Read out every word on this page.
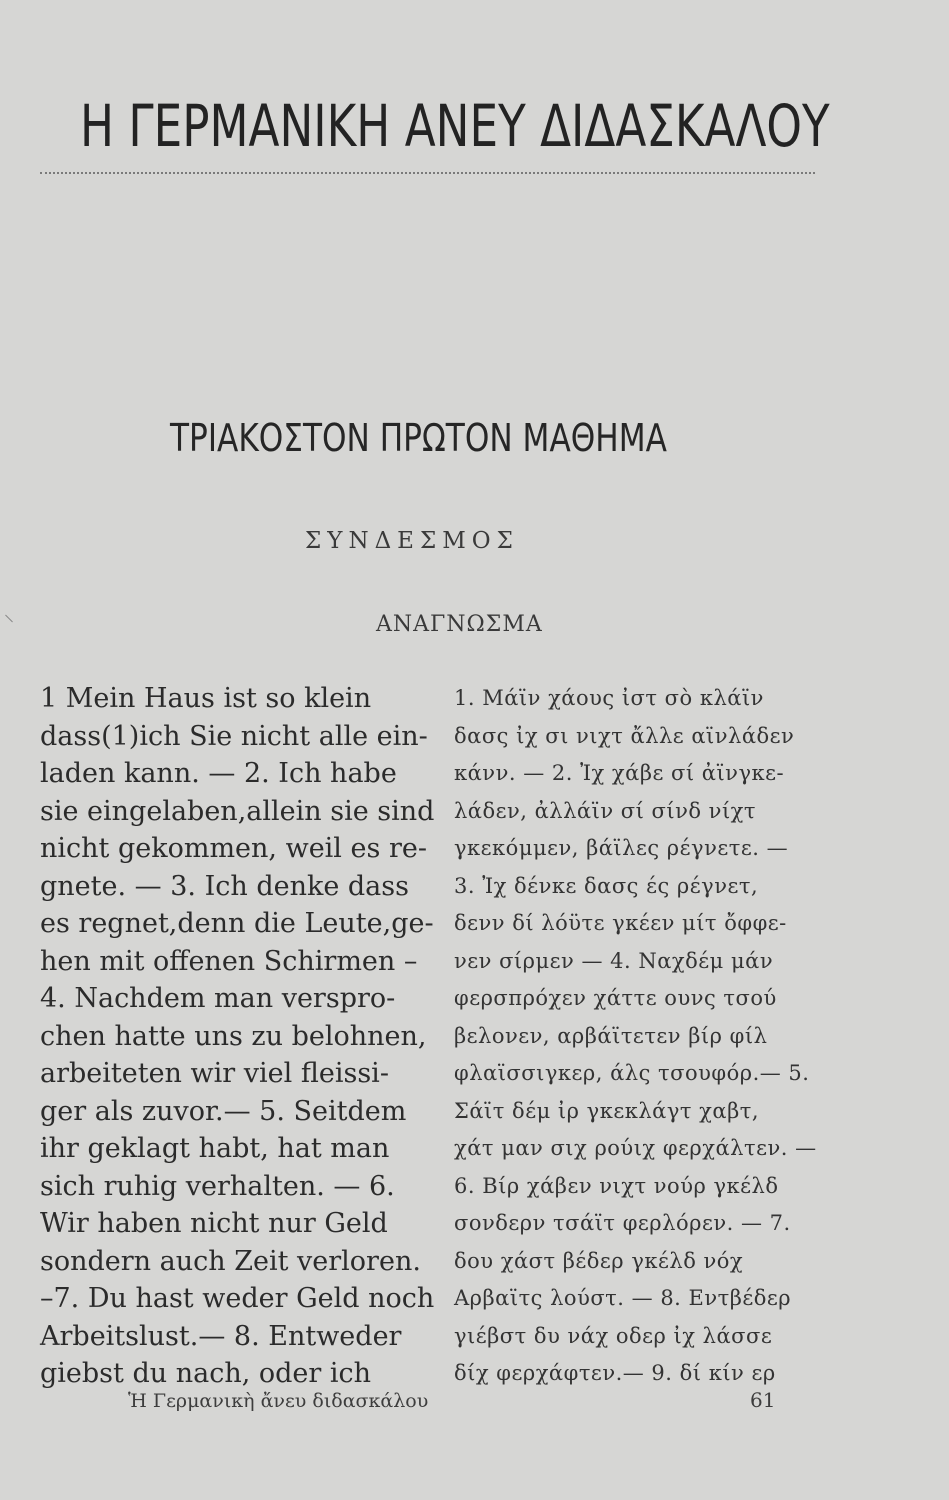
Η ΓΕΡΜΑΝΙΚΗ ΑΝΕΥ ΔΙΔΑΣΚΑΛΟΥ
ΤΡΙΑΚΟΣΤΟΝ ΠΡΩΤΟΝ ΜΑΘΗΜΑ
ΣΥΝΔΕΣΜΟΣ
ΑΝΑΓΝΩΣΜΑ
1 Mein Haus ist so klein
dass(1)ich Sie nicht alle ein-
laden kann. — 2. Ich habe
sie eingelaben,allein sie sind
nicht gekommen, weil es re-
gnete. — 3. Ich denke dass
es regnet,denn die Leute,ge-
hen mit offenen Schirmen –
4. Nachdem man verspro-
chen hatte uns zu belohnen,
arbeiteten wir viel fleissi-
ger als zuvor.— 5. Seitdem
ihr geklagt habt, hat man
sich ruhig verhalten. — 6.
Wir haben nicht nur Geld
sondern auch Zeit verloren.
–7. Du hast weder Geld noch
Arbeitslust.— 8. Entweder
giebst du nach, oder ich
1. Μάϊν χάους ἰστ σὸ κλάϊν
δασς ἰχ σι νιχτ ἄλλε αϊνλάδεν
κάνν. — 2. Ἰχ χάβε σί ἀϊνγκε-
λάδεν, ἀλλάϊν σί σίνδ νίχτ
γκεκόμμεν, βάϊλες ρέγνετε. —
3. Ἰχ δένκε δασς ές ρέγνετ,
δενν δί λόϋτε γκέεν μίτ ὄφφε-
νεν σίρμεν — 4. Ναχδέμ μάν
φερσπρόχεν χάττε ουνς τσού
βελονεν, αρβάϊτετεν βίρ φίλ
φλαϊσσιγκερ, άλς τσουφόρ.— 5.
Σάϊτ δέμ ἰρ γκεκλάγτ χαβτ,
χάτ μαν σιχ ρούιχ φερχάλτεν. —
6. Βίρ χάβεν νιχτ νούρ γκέλδ
σονδερν τσάϊτ φερλόρεν. — 7.
δου χάστ βέδερ γκέλδ νόχ
Αρβαϊτς λούστ. — 8. Εντβέδερ
γιέβστ δυ νάχ οδερ ἰχ λάσσε
δίχ φερχάφτεν.— 9. δί κίν ερ
Ἡ Γερμανικὴ ἄνευ διδασκάλου	61
